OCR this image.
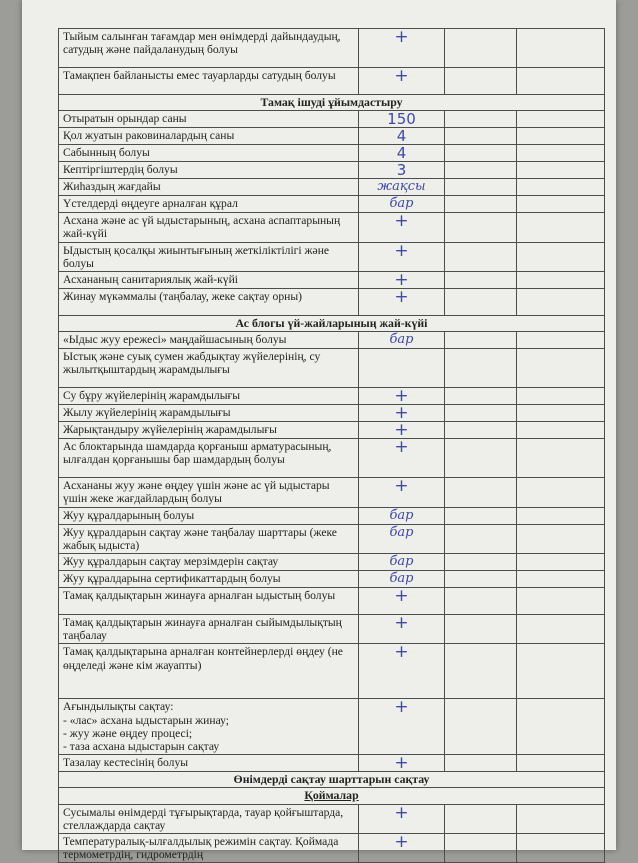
Тыйым салынған тағамдар мен өнімдерді дайындаудың, сатудың және пайдаланудың болуы	+		

Тамақпен байланысты емес тауарларды сатудың болуы	+		
Тамақ ішуді ұйымдастыру			

Отыратын орындар саны	150		

Қол жуатын раковиналардың саны	4		

Сабынның болуы	4		

Кептіргіштердің болуы	3		

Жиһаздың жағдайы	жақсы		

Үстелдерді өңдеуге арналған құрал	бар		

Асхана және ас үй ыдыстарының, асхана аспаптарының жай-күйі	+		

Ыдыстың қосалқы жиынтығының жеткіліктілігі және болуы	+		

Асхананың санитариялық жай-күйі	+		

Жинау мүкәммалы (таңбалау, жеке сақтау орны)	+		
Ас блогы үй-жайларының жай-күйі			

«Ыдыс жуу ережесі» маңдайшасының болуы	бар		

Ыстық және суық сумен жабдықтау жүйелерінің, су жылытқыштардың жарамдылығы			

Су бұру жүйелерінің жарамдылығы	+		

Жылу жүйелерінің жарамдылығы	+		

Жарықтандыру жүйелерінің жарамдылығы	+		

Ас блоктарында шамдарда қорғаныш арматурасының, ылғалдан қорғанышы бар шамдардың болуы	+		

Асхананы жуу және өңдеу үшін және ас үй ыдыстары үшін жеке жағдайлардың болуы	+		

Жуу құралдарының болуы	бар		

Жуу құралдарын сақтау және таңбалау шарттары (жеке жабық ыдыста)	бар		

Жуу құралдарын сақтау мерзімдерін сақтау	бар		

Жуу құралдарына сертификаттардың болуы	бар		

Тамақ қалдықтарын жинауға арналған ыдыстың болуы	+		

Тамақ қалдықтарын жинауға арналған сыйымдылықтың таңбалау	+		

Тамақ қалдықтарына арналған контейнерлерді өңдеу (не өңделеді және кім жауапты)	+		

Ағындылықты сақтау:
- «лас» асхана ыдыстарын жинау;
- жуу және өңдеу процесі;
- таза асхана ыдыстарын сақтау	+		

Тазалау кестесінің болуы	+		
Өнімдерді сақтау шарттарын сақтау			
Қоймалар			

Сусымалы өнімдерді тұғырықтарда, тауар қойғыштарда, стеллаждарда сақтау	+		

Температуралық-ылғалдылық режимін сақтау. Қоймада термометрдің, гидрометрдің	+		
